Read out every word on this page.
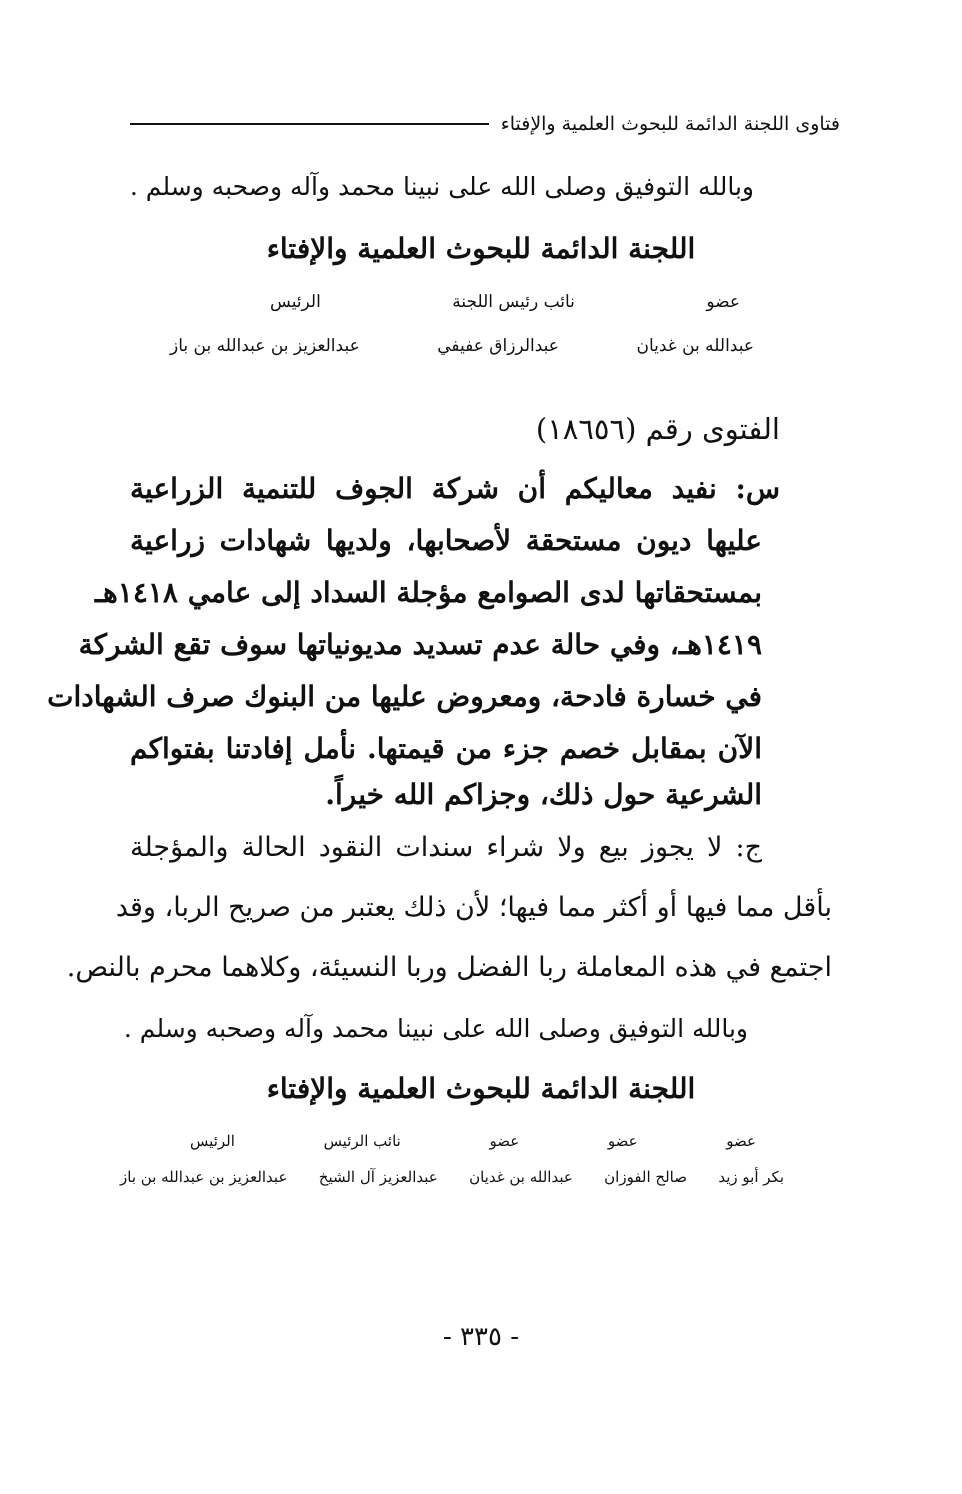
فتاوى اللجنة الدائمة للبحوث العلمية والإفتاء
وبالله التوفيق وصلى الله على نبينا محمد وآله وصحبه وسلم .
اللجنة الدائمة للبحوث العلمية والإفتاء
عضو
نائب رئيس اللجنة
الرئيس
عبدالله بن غديان
عبدالرزاق عفيفي
عبدالعزيز بن عبدالله بن باز
الفتوى رقم (١٨٦٥٦)
س: نفيد معاليكم أن شركة الجوف للتنمية الزراعية
عليها ديون مستحقة لأصحابها، ولديها شهادات زراعية
بمستحقاتها لدى الصوامع مؤجلة السداد إلى عامي ١٤١٨هـ
١٤١٩هـ، وفي حالة عدم تسديد مديونياتها سوف تقع الشركة
في خسارة فادحة، ومعروض عليها من البنوك صرف الشهادات
الآن بمقابل خصم جزء من قيمتها. نأمل إفادتنا بفتواكم
الشرعية حول ذلك، وجزاكم الله خيراً.
ج: لا يجوز بيع ولا شراء سندات النقود الحالة والمؤجلة
بأقل مما فيها أو أكثر مما فيها؛ لأن ذلك يعتبر من صريح الربا، وقد
اجتمع في هذه المعاملة ربا الفضل وربا النسيئة، وكلاهما محرم بالنص.
وبالله التوفيق وصلى الله على نبينا محمد وآله وصحبه وسلم .
اللجنة الدائمة للبحوث العلمية والإفتاء
عضو
عضو
عضو
نائب الرئيس
الرئيس
بكر أبو زيد
صالح الفوزان
عبدالله بن غديان
عبدالعزيز آل الشيخ
عبدالعزيز بن عبدالله بن باز
- ٣٣٥ -
